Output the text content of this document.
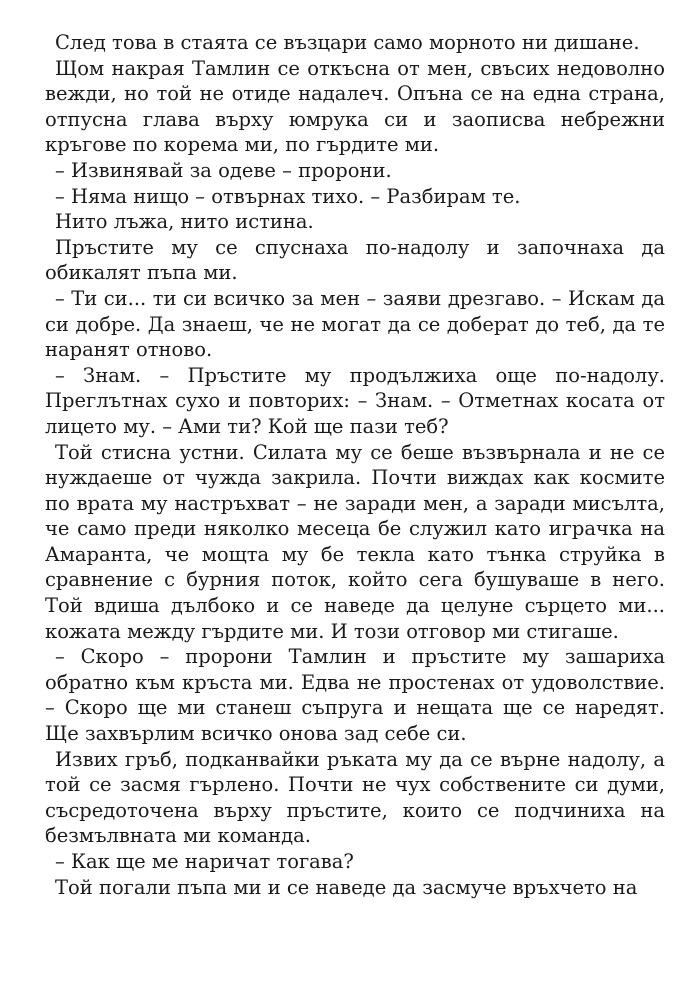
След това в стаята се възцари само морното ни дишане.

Щом накрая Тамлин се откъсна от мен, свъсих недоволно вежди, но той не отиде надалеч. Опъна се на една страна, отпусна глава върху юмрука си и заописва небрежни кръгове по корема ми, по гърдите ми.

– Извинявай за одеве – пророни.

– Няма нищо – отвърнах тихо. – Разбирам те.

Нито лъжа, нито истина.

Пръстите му се спуснаха по-надолу и започнаха да обикалят пъпа ми.

– Ти си... ти си всичко за мен – заяви дрезгаво. – Искам да си добре. Да знаеш, че не могат да се доберат до теб, да те наранят отново.

– Знам. – Пръстите му продължиха още по-надолу. Преглътнах сухо и повторих: – Знам. – Отметнах косата от лицето му. – Ами ти? Кой ще пази теб?

Той стисна устни. Силата му се беше възвърнала и не се нуждаеше от чужда закрила. Почти виждах как космите по врата му настръхват – не заради мен, а заради мисълта, че само преди няколко месеца бе служил като играчка на Амаранта, че мощта му бе текла като тънка струйка в сравнение с бурния поток, който сега бушуваше в него. Той вдиша дълбоко и се наведе да целуне сърцето ми... кожата между гърдите ми. И този отговор ми стигаше.

– Скоро – пророни Тамлин и пръстите му зашариха обратно към кръста ми. Едва не простенах от удоволствие. – Скоро ще ми станеш съпруга и нещата ще се наредят. Ще захвърлим всичко онова зад себе си.

Извих гръб, подканвайки ръката му да се върне надолу, а той се засмя гърлено. Почти не чух собствените си думи, съсредоточена върху пръстите, които се подчиниха на безмълвната ми команда.

– Как ще ме наричат тогава?

Той погали пъпа ми и се наведе да засмуче връхчето на
